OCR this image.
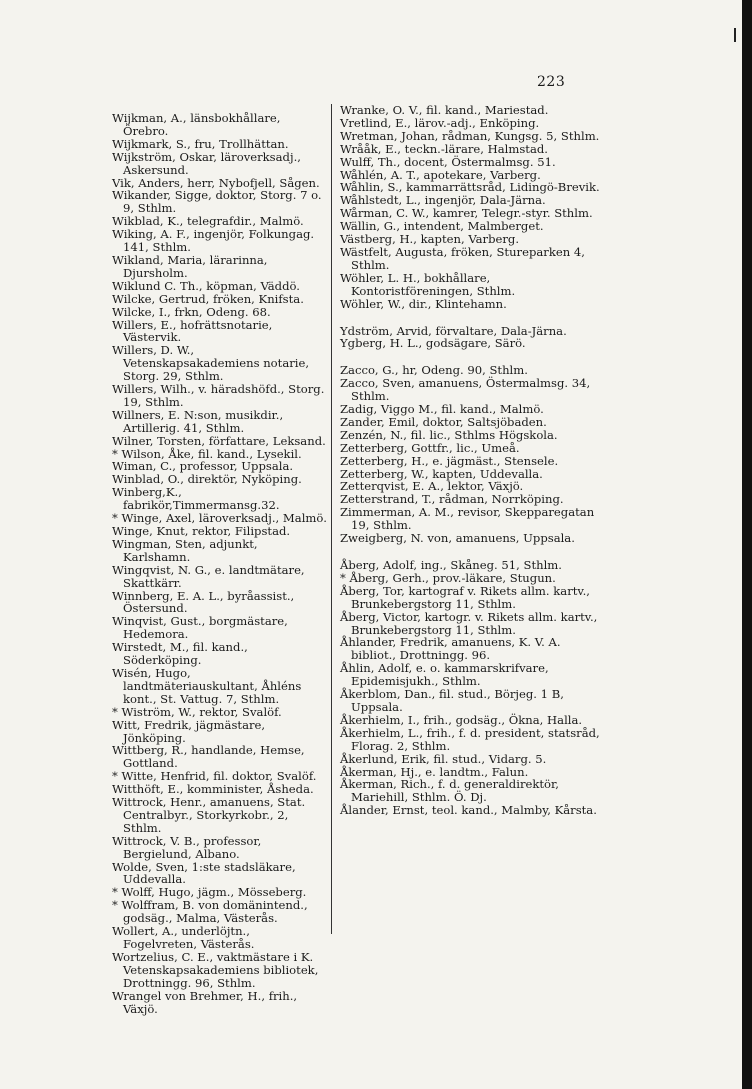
223
Wijkman, A., länsbokhållare, Örebro.
Wijkmark, S., fru, Trollhättan.
Wijkström, Oskar, läroverksadj., Askersund.
Vik, Anders, herr, Nybofjell, Sågen.
Wikander, Sigge, doktor, Storg. 7 o. 9, Sthlm.
Wikblad, K., telegrafdir., Malmö.
Wiking, A. F., ingenjör, Folkungag. 141, Sthlm.
Wikland, Maria, lärarinna, Djursholm.
Wiklund C. Th., köpman, Väddö.
Wilcke, Gertrud, fröken, Knifsta.
Wilcke, I., frkn, Odeng. 68.
Willers, E., hofrättsnotarie, Västervik.
Willers, D. W., Vetenskapsakademiens notarie, Storg. 29, Sthlm.
Willers, Wilh., v. häradshöfd., Storg. 19, Sthlm.
Willners, E. N:son, musikdir., Artillerig. 41, Sthlm.
Wilner, Torsten, författare, Leksand.
* Wilson, Åke, fil. kand., Lysekil.
Wiman, C., professor, Uppsala.
Winblad, O., direktör, Nyköping.
Winberg,K., fabrikör,Timmermansg.32.
* Winge, Axel, läroverksadj., Malmö.
Winge, Knut, rektor, Filipstad.
Wingman, Sten, adjunkt, Karlshamn.
Wingqvist, N. G., e. landtmätare, Skattkärr.
Winnberg, E. A. L., byråassist., Östersund.
Winqvist, Gust., borgmästare, Hedemora.
Wirstedt, M., fil. kand., Söderköping.
Wisén, Hugo, landtmäteriauskultant, Åhléns kont., St. Vattug. 7, Sthlm.
* Wiström, W., rektor, Svalöf.
Witt, Fredrik, jägmästare, Jönköping.
Wittberg, R., handlande, Hemse, Gottland.
* Witte, Henfrid, fil. doktor, Svalöf.
Witthöft, E., komminister, Åsheda.
Wittrock, Henr., amanuens, Stat. Centralbyr., Storkyrkobr., 2, Sthlm.
Wittrock, V. B., professor, Bergielund, Albano.
Wolde, Sven, 1:ste stadsläkare, Uddevalla.
* Wolff, Hugo, jägm., Mösseberg.
* Wolffram, B. von domänintend., godsäg., Malma, Västerås.
Wollert, A., underlöjtn., Fogelvreten, Västerås.
Wortzelius, C. E., vaktmästare i K. Vetenskapsakademiens bibliotek, Drottningg. 96, Sthlm.
Wrangel von Brehmer, H., frih., Växjö.
Wranke, O. V., fil. kand., Mariestad.
Vretlind, E., lärov.-adj., Enköping.
Wretman, Johan, rådman, Kungsg. 5, Sthlm.
Wrååk, E., teckn.-lärare, Halmstad.
Wulff, Th., docent, Östermalmsg. 51.
Wåhlén, A. T., apotekare, Varberg.
Wåhlin, S., kammarrättsråd, Lidingö-Brevik.
Wåhlstedt, L., ingenjör, Dala-Järna.
Wårman, C. W., kamrer, Telegr.-styr. Sthlm.
Wällin, G., intendent, Malmberget.
Västberg, H., kapten, Varberg.
Wästfelt, Augusta, fröken, Stureparken 4, Sthlm.
Wöhler, L. H., bokhållare, Kontoristföreningen, Sthlm.
Wöhler, W., dir., Klintehamn.
Ydström, Arvid, förvaltare, Dala-Järna.
Ygberg, H. L., godsägare, Särö.
Zacco, G., hr, Odeng. 90, Sthlm.
Zacco, Sven, amanuens, Östermalmsg. 34, Sthlm.
Zadig, Viggo M., fil. kand., Malmö.
Zander, Emil, doktor, Saltsjöbaden.
Zenzén, N., fil. lic., Sthlms Högskola.
Zetterberg, Gottfr., lic., Umeå.
Zetterberg, H., e. jägmäst., Stensele.
Zetterberg, W., kapten, Uddevalla.
Zetterqvist, E. A., lektor, Växjö.
Zetterstrand, T., rådman, Norrköping.
Zimmerman, A. M., revisor, Skepparegatan 19, Sthlm.
Zweigberg, N. von, amanuens, Uppsala.
Åberg, Adolf, ing., Skåneg. 51, Sthlm.
* Åberg, Gerh., prov.-läkare, Stugun.
Åberg, Tor, kartograf v. Rikets allm. kartv., Brunkebergstorg 11, Sthlm.
Åberg, Victor, kartogr. v. Rikets allm. kartv., Brunkebergstorg 11, Sthlm.
Åhlander, Fredrik, amanuens, K. V. A. bibliot., Drottningg. 96.
Åhlin, Adolf, e. o. kammarskrifvare, Epidemisjukh., Sthlm.
Åkerblom, Dan., fil. stud., Börjeg. 1 B, Uppsala.
Åkerhielm, I., frih., godsäg., Ökna, Halla.
Åkerhielm, L., frih., f. d. president, statsråd, Florag. 2, Sthlm.
Åkerlund, Erik, fil. stud., Vidarg. 5.
Åkerman, Hj., e. landtm., Falun.
Åkerman, Rich., f. d. generaldirektör, Mariehill, Sthlm. Ö. Dj.
Ålander, Ernst, teol. kand., Malmby, Kårsta.
